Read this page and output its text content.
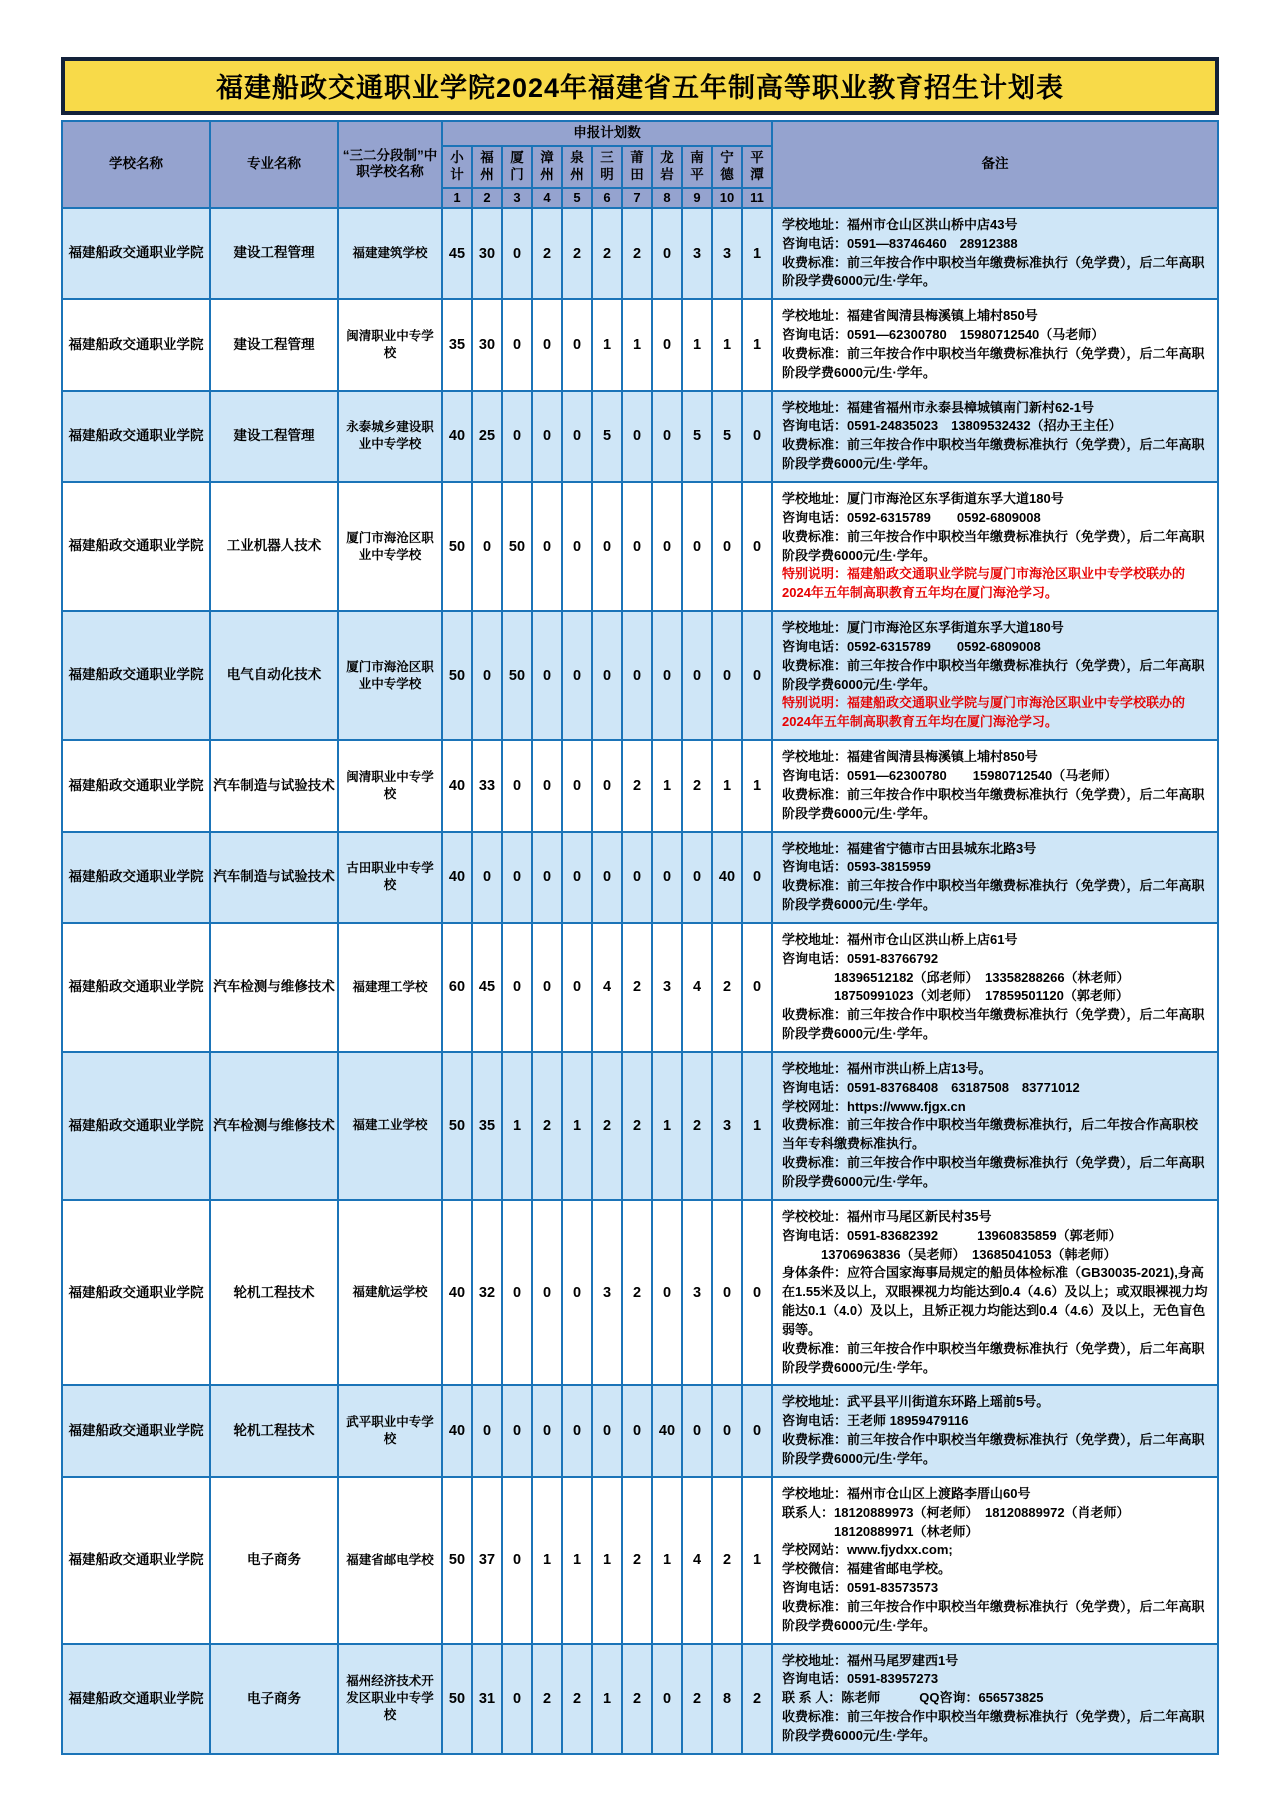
福建船政交通职业学院2024年福建省五年制高等职业教育招生计划表
学校名称	专业名称	“三二分段制”中职学校名称	申报计划数											备注
			小计	福州	厦门	漳州	泉州	三明	莆田	龙岩	南平	宁德	平潭	
			1	2	3	4	5	6	7	8	9	10	11	
福建船政交通职业学院	建设工程管理	福建建筑学校	45	30	0	2	2	2	2	0	3	3	1	学校地址：福州市仓山区洪山桥中店43号
咨询电话：0591—83746460　28912388
收费标准：前三年按合作中职校当年缴费标准执行（免学费），后二年高职阶段学费6000元/生·学年。

福建船政交通职业学院	建设工程管理	闽清职业中专学校	35	30	0	0	0	1	1	0	1	1	1	学校地址：福建省闽清县梅溪镇上埔村850号
咨询电话：0591—62300780　15980712540（马老师）
收费标准：前三年按合作中职校当年缴费标准执行（免学费），后二年高职阶段学费6000元/生·学年。

福建船政交通职业学院	建设工程管理	永泰城乡建设职业中专学校	40	25	0	0	0	5	0	0	5	5	0	学校地址：福建省福州市永泰县樟城镇南门新村62-1号
咨询电话：0591-24835023　13809532432（招办王主任）
收费标准：前三年按合作中职校当年缴费标准执行（免学费），后二年高职阶段学费6000元/生·学年。

福建船政交通职业学院	工业机器人技术	厦门市海沧区职业中专学校	50	0	50	0	0	0	0	0	0	0	0	学校地址：厦门市海沧区东孚街道东孚大道180号
咨询电话：0592-6315789　　0592-6809008
收费标准：前三年按合作中职校当年缴费标准执行（免学费），后二年高职阶段学费6000元/生·学年。
特别说明：福建船政交通职业学院与厦门市海沧区职业中专学校联办的2024年五年制高职教育五年均在厦门海沧学习。

福建船政交通职业学院	电气自动化技术	厦门市海沧区职业中专学校	50	0	50	0	0	0	0	0	0	0	0	学校地址：厦门市海沧区东孚街道东孚大道180号
咨询电话：0592-6315789　　0592-6809008
收费标准：前三年按合作中职校当年缴费标准执行（免学费），后二年高职阶段学费6000元/生·学年。
特别说明：福建船政交通职业学院与厦门市海沧区职业中专学校联办的2024年五年制高职教育五年均在厦门海沧学习。

福建船政交通职业学院	汽车制造与试验技术	闽清职业中专学校	40	33	0	0	0	0	2	1	2	1	1	学校地址：福建省闽清县梅溪镇上埔村850号
咨询电话：0591—62300780　　15980712540（马老师）
收费标准：前三年按合作中职校当年缴费标准执行（免学费），后二年高职阶段学费6000元/生·学年。

福建船政交通职业学院	汽车制造与试验技术	古田职业中专学校	40	0	0	0	0	0	0	0	0	40	0	学校地址：福建省宁德市古田县城东北路3号
咨询电话：0593-3815959
收费标准：前三年按合作中职校当年缴费标准执行（免学费），后二年高职阶段学费6000元/生·学年。

福建船政交通职业学院	汽车检测与维修技术	福建理工学校	60	45	0	0	0	4	2	3	4	2	0	学校地址：福州市仓山区洪山桥上店61号
咨询电话：0591-83766792
　　　　18396512182（邱老师）　13358288266（林老师）
　　　　18750991023（刘老师）　17859501120（郭老师）
收费标准：前三年按合作中职校当年缴费标准执行（免学费），后二年高职阶段学费6000元/生·学年。

福建船政交通职业学院	汽车检测与维修技术	福建工业学校	50	35	1	2	1	2	2	1	2	3	1	学校地址：福州市洪山桥上店13号。
咨询电话：0591-83768408　63187508　83771012
学校网址：https://www.fjgx.cn
收费标准：前三年按合作中职校当年缴费标准执行，后二年按合作高职校当年专科缴费标准执行。
收费标准：前三年按合作中职校当年缴费标准执行（免学费），后二年高职阶段学费6000元/生·学年。

福建船政交通职业学院	轮机工程技术	福建航运学校	40	32	0	0	0	3	2	0	3	0	0	学校校址：福州市马尾区新民村35号
咨询电话：0591-83682392　　　13960835859（郭老师）
　　　13706963836（吴老师）　13685041053（韩老师）
身体条件：应符合国家海事局规定的船员体检标准（GB30035-2021),身高在1.55米及以上，双眼裸视力均能达到0.4（4.6）及以上；或双眼裸视力均能达0.1（4.0）及以上，且矫正视力均能达到0.4（4.6）及以上，无色盲色弱等。
收费标准：前三年按合作中职校当年缴费标准执行（免学费），后二年高职阶段学费6000元/生·学年。

福建船政交通职业学院	轮机工程技术	武平职业中专学校	40	0	0	0	0	0	0	40	0	0	0	学校地址：武平县平川街道东环路上瑶前5号。
咨询电话：王老师 18959479116
收费标准：前三年按合作中职校当年缴费标准执行（免学费），后二年高职阶段学费6000元/生·学年。

福建船政交通职业学院	电子商务	福建省邮电学校	50	37	0	1	1	1	2	1	4	2	1	
学校地址：福州市仓山区上渡路李厝山60号
联系人：18120889973（柯老师）　18120889972（肖老师）
　　　　18120889971（林老师）
学校网站：www.fjydxx.com;
学校微信：福建省邮电学校。
咨询电话：0591-83573573
收费标准：前三年按合作中职校当年缴费标准执行（免学费），后二年高职阶段学费6000元/生·学年。

福建船政交通职业学院	电子商务	福州经济技术开发区职业中专学校	50	31	0	2	2	1	2	0	2	8	2	学校地址：福州马尾罗建西1号
咨询电话：0591-83957273
联 系 人：陈老师　　　QQ咨询：656573825
收费标准：前三年按合作中职校当年缴费标准执行（免学费），后二年高职阶段学费6000元/生·学年。
